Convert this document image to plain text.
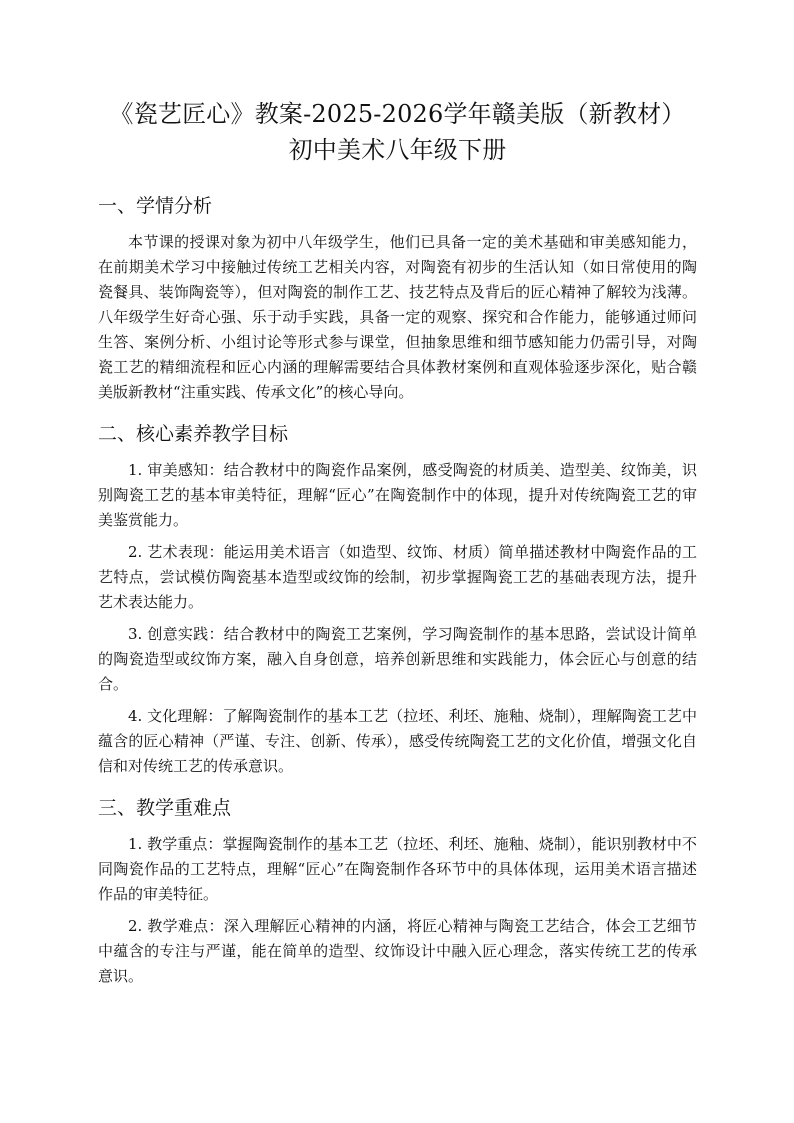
《瓷艺匠心》教案-2025-2026学年赣美版（新教材）初中美术八年级下册
一、学情分析

本节课的授课对象为初中八年级学生，他们已具备一定的美术基础和审美感知能力，在前期美术学习中接触过传统工艺相关内容，对陶瓷有初步的生活认知（如日常使用的陶瓷餐具、装饰陶瓷等），但对陶瓷的制作工艺、技艺特点及背后的匠心精神了解较为浅薄。八年级学生好奇心强、乐于动手实践，具备一定的观察、探究和合作能力，能够通过师问生答、案例分析、小组讨论等形式参与课堂，但抽象思维和细节感知能力仍需引导，对陶瓷工艺的精细流程和匠心内涵的理解需要结合具体教材案例和直观体验逐步深化，贴合赣美版新教材“注重实践、传承文化”的核心导向。

二、核心素养教学目标

1. 审美感知：结合教材中的陶瓷作品案例，感受陶瓷的材质美、造型美、纹饰美，识别陶瓷工艺的基本审美特征，理解“匠心”在陶瓷制作中的体现，提升对传统陶瓷工艺的审美鉴赏能力。

2. 艺术表现：能运用美术语言（如造型、纹饰、材质）简单描述教材中陶瓷作品的工艺特点，尝试模仿陶瓷基本造型或纹饰的绘制，初步掌握陶瓷工艺的基础表现方法，提升艺术表达能力。

3. 创意实践：结合教材中的陶瓷工艺案例，学习陶瓷制作的基本思路，尝试设计简单的陶瓷造型或纹饰方案，融入自身创意，培养创新思维和实践能力，体会匠心与创意的结合。

4. 文化理解：了解陶瓷制作的基本工艺（拉坯、利坯、施釉、烧制），理解陶瓷工艺中蕴含的匠心精神（严谨、专注、创新、传承），感受传统陶瓷工艺的文化价值，增强文化自信和对传统工艺的传承意识。

三、教学重难点

1. 教学重点：掌握陶瓷制作的基本工艺（拉坯、利坯、施釉、烧制），能识别教材中不同陶瓷作品的工艺特点，理解“匠心”在陶瓷制作各环节中的具体体现，运用美术语言描述作品的审美特征。

2. 教学难点：深入理解匠心精神的内涵，将匠心精神与陶瓷工艺结合，体会工艺细节中蕴含的专注与严谨，能在简单的造型、纹饰设计中融入匠心理念，落实传统工艺的传承意识。
